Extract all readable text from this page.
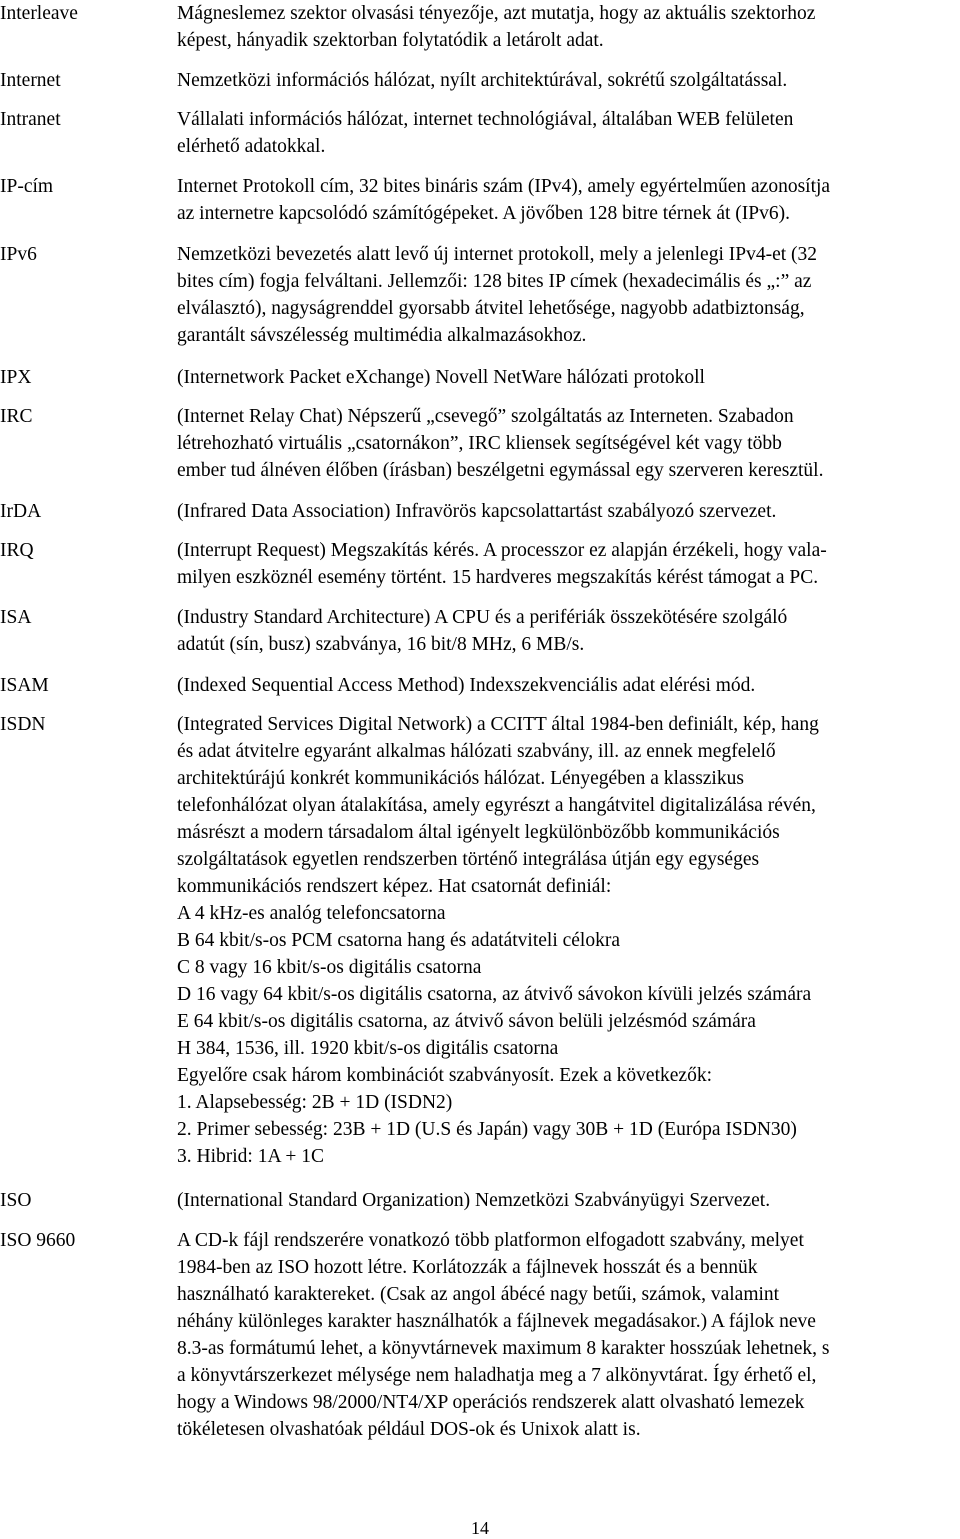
Interleave	Mágneslemez szektor olvasási tényezője, azt mutatja, hogy az aktuális szektorhoz
képest, hányadik szektorban folytatódik a letárolt adat.
Internet	Nemzetközi információs hálózat, nyílt architektúrával, sokrétű szolgáltatással.
Intranet	Vállalati információs hálózat, internet technológiával, általában WEB felületen
elérhető adatokkal.
IP-cím	Internet Protokoll cím, 32 bites bináris szám (IPv4), amely egyértelműen azonosítja
az internetre kapcsolódó számítógépeket. A jövőben 128 bitre térnek át (IPv6).
IPv6	Nemzetközi bevezetés alatt levő új internet protokoll, mely a jelenlegi IPv4-et (32
bites cím) fogja felváltani. Jellemzői: 128 bites IP címek (hexadecimális és „:” az
elválasztó), nagyságrenddel gyorsabb átvitel lehetősége, nagyobb adatbiztonság,
garantált sávszélesség multimédia alkalmazásokhoz.
IPX	(Internetwork Packet eXchange) Novell NetWare hálózati protokoll
IRC	(Internet Relay Chat) Népszerű „csevegő” szolgáltatás az Interneten. Szabadon
létrehozható virtuális „csatornákon”, IRC kliensek segítségével két vagy több
ember tud álnéven élőben (írásban) beszélgetni egymással egy szerveren keresztül.
IrDA	(Infrared Data Association) Infravörös kapcsolattartást szabályozó szervezet.
IRQ	(Interrupt Request) Megszakítás kérés. A processzor ez alapján érzékeli, hogy vala-
milyen eszköznél esemény történt. 15 hardveres megszakítás kérést támogat a PC.
ISA	(Industry Standard Architecture) A CPU és a perifériák összekötésére szolgáló
adatút (sín, busz) szabványa, 16 bit/8 MHz, 6 MB/s.
ISAM	(Indexed Sequential Access Method) Indexszekvenciális adat elérési mód.
ISDN	(Integrated Services Digital Network) a CCITT által 1984-ben definiált, kép, hang
és adat átvitelre egyaránt alkalmas hálózati szabvány, ill. az ennek megfelelő
architektúrájú konkrét kommunikációs hálózat. Lényegében a klasszikus
telefonhálózat olyan átalakítása, amely egyrészt a hangátvitel digitalizálása révén,
másrészt a modern társadalom által igényelt legkülönbözőbb kommunikációs
szolgáltatások egyetlen rendszerben történő integrálása útján egy egységes
kommunikációs rendszert képez. Hat csatornát definiál:
A 4 kHz-es analóg telefoncsatorna
B 64 kbit/s-os PCM csatorna hang és adatátviteli célokra
C 8 vagy 16 kbit/s-os digitális csatorna
D 16 vagy 64 kbit/s-os digitális csatorna, az átvivő sávokon kívüli jelzés számára
E 64 kbit/s-os digitális csatorna, az átvivő sávon belüli jelzésmód számára
H 384, 1536, ill. 1920 kbit/s-os digitális csatorna
Egyelőre csak három kombinációt szabványosít. Ezek a következők:
1. Alapsebesség: 2B + 1D (ISDN2)
2. Primer sebesség: 23B + 1D (U.S és Japán) vagy 30B + 1D (Európa ISDN30)
3. Hibrid: 1A + 1C
ISO	(International Standard Organization) Nemzetközi Szabványügyi Szervezet.
ISO 9660	A CD-k fájl rendszerére vonatkozó több platformon elfogadott szabvány, melyet
1984-ben az ISO hozott létre. Korlátozzák a fájlnevek hosszát és a bennük
használható karaktereket. (Csak az angol ábécé nagy betűi, számok, valamint
néhány különleges karakter használhatók a fájlnevek megadásakor.) A fájlok neve
8.3-as formátumú lehet, a könyvtárnevek maximum 8 karakter hosszúak lehetnek, s
a könyvtárszerkezet mélysége nem haladhatja meg a 7 alkönyvtárat. Így érhető el,
hogy a Windows 98/2000/NT4/XP operációs rendszerek alatt olvasható lemezek
tökéletesen olvashatóak például DOS-ok és Unixok alatt is.
14
